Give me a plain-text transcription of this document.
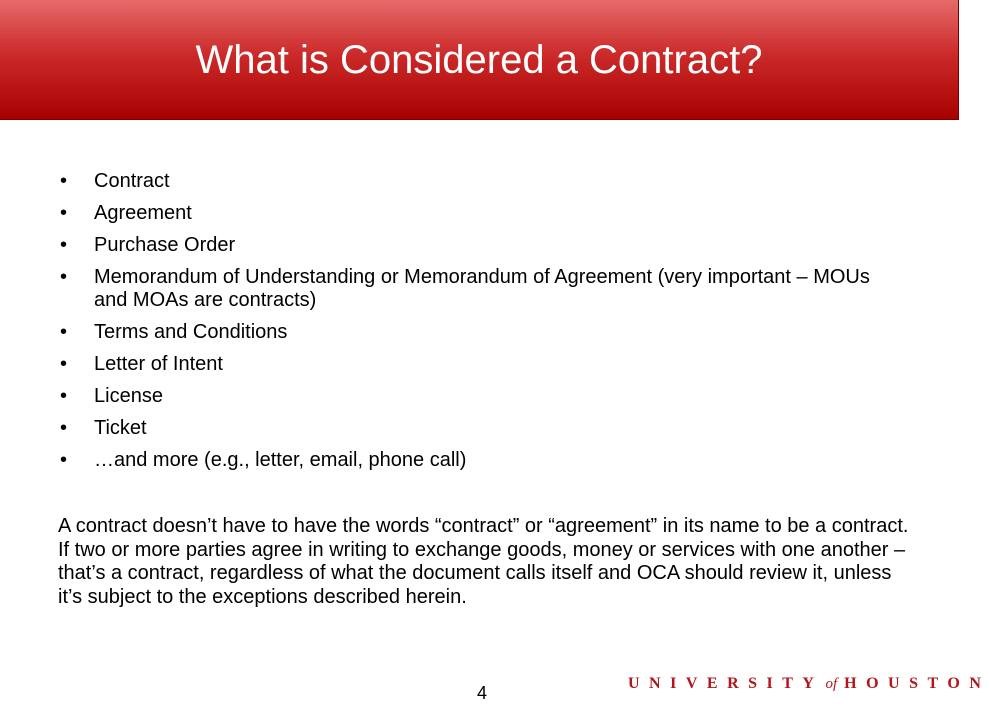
What is Considered a Contract?
• Contract
• Agreement
• Purchase Order
• Memorandum of Understanding or Memorandum of Agreement (very important – MOUs and MOAs are contracts)
• Terms and Conditions
• Letter of Intent
• License
• Ticket
• …and more (e.g., letter, email, phone call)

A contract doesn’t have to have the words “contract” or “agreement” in its name to be a contract. If two or more parties agree in writing to exchange goods, money or services with one another – that’s a contract, regardless of what the document calls itself and OCA should review it, unless it’s subject to the exceptions described herein.

4	UNIVERSITY of HOUSTON
